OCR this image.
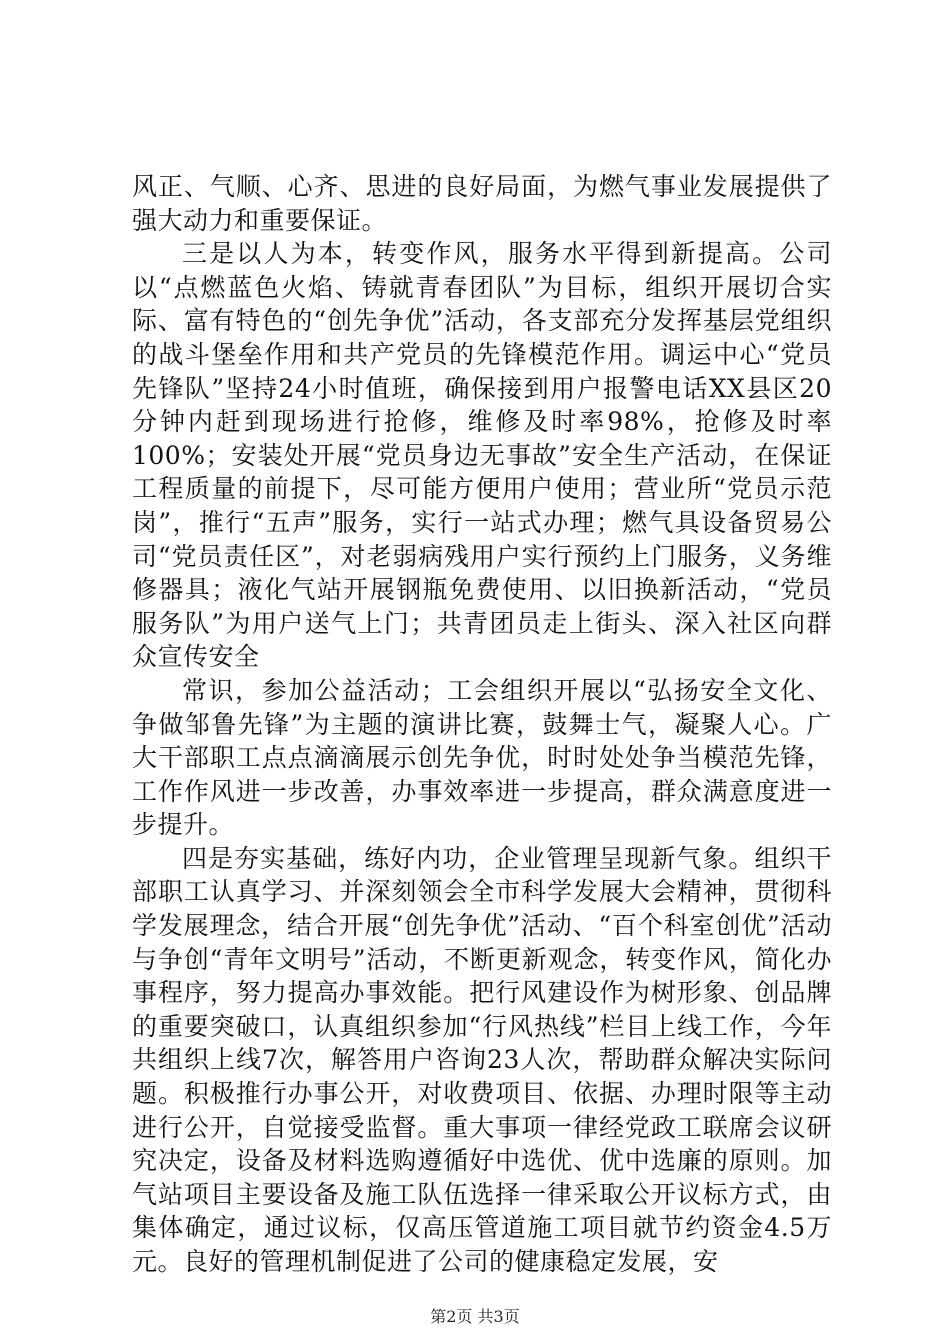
风正、气顺、心齐、思进的良好局面，为燃气事业发展提供了强大动力和重要保证。

三是以人为本，转变作风，服务水平得到新提高。公司以“点燃蓝色火焰、铸就青春团队”为目标，组织开展切合实际、富有特色的“创先争优”活动，各支部充分发挥基层党组织的战斗堡垒作用和共产党员的先锋模范作用。调运中心“党员先锋队”坚持24小时值班，确保接到用户报警电话XX县区20分钟内赶到现场进行抢修，维修及时率98%，抢修及时率100%；安装处开展“党员身边无事故”安全生产活动，在保证工程质量的前提下，尽可能方便用户使用；营业所“党员示范岗”，推行“五声”服务，实行一站式办理；燃气具设备贸易公司“党员责任区”，对老弱病残用户实行预约上门服务，义务维修器具；液化气站开展钢瓶免费使用、以旧换新活动，“党员服务队”为用户送气上门；共青团员走上街头、深入社区向群众宣传安全

常识，参加公益活动；工会组织开展以“弘扬安全文化、争做邹鲁先锋”为主题的演讲比赛，鼓舞士气，凝聚人心。广大干部职工点点滴滴展示创先争优，时时处处争当模范先锋，工作作风进一步改善，办事效率进一步提高，群众满意度进一步提升。

四是夯实基础，练好内功，企业管理呈现新气象。组织干部职工认真学习、并深刻领会全市科学发展大会精神，贯彻科学发展理念，结合开展“创先争优”活动、“百个科室创优”活动与争创“青年文明号”活动，不断更新观念，转变作风，简化办事程序，努力提高办事效能。把行风建设作为树形象、创品牌的重要突破口，认真组织参加“行风热线”栏目上线工作，今年共组织上线7次，解答用户咨询23人次，帮助群众解决实际问题。积极推行办事公开，对收费项目、依据、办理时限等主动进行公开，自觉接受监督。重大事项一律经党政工联席会议研究决定，设备及材料选购遵循好中选优、优中选廉的原则。加气站项目主要设备及施工队伍选择一律采取公开议标方式，由集体确定，通过议标，仅高压管道施工项目就节约资金4.5万元。良好的管理机制促进了公司的健康稳定发展，安

第2页 共3页
